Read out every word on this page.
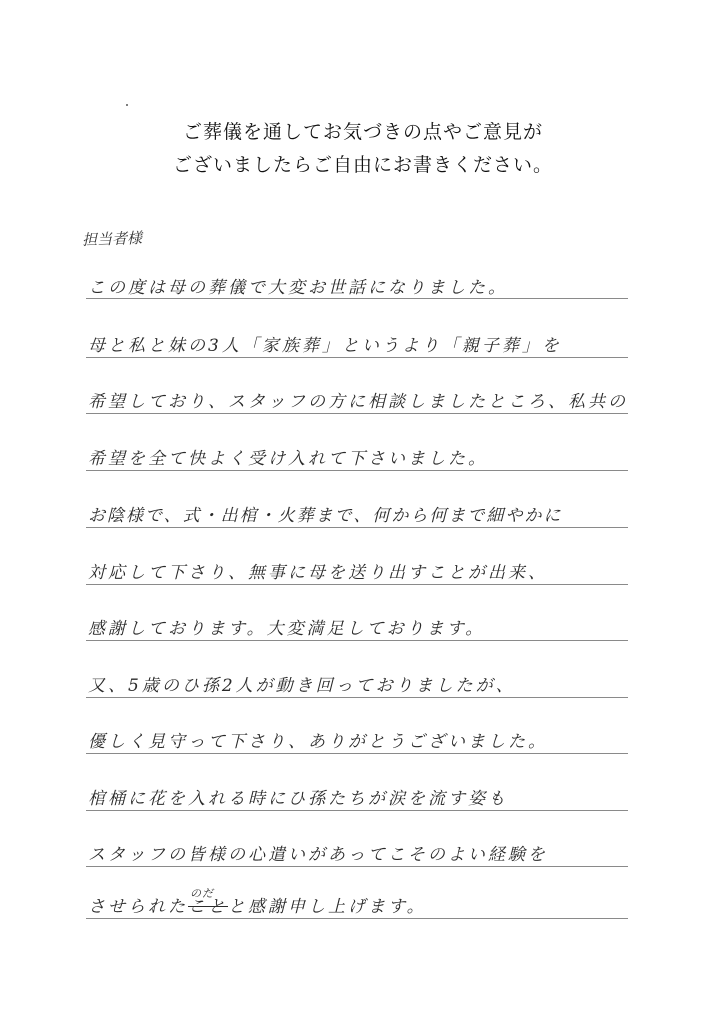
ご葬儀を通してお気づきの点やご意見が
ございましたらご自由にお書きください。
担当者様
この度は母の葬儀で大変お世話になりました。
母と私と妹の3人「家族葬」というより「親子葬」を
希望しており、スタッフの方に相談しましたところ、私共の
希望を全て快よく受け入れて下さいました。
お陰様で、式・出棺・火葬まで、何から何まで細やかに
対応して下さり、無事に母を送り出すことが出来、
感謝しております。大変満足しております。
又、5歳のひ孫2人が動き回っておりましたが、
優しく見守って下さり、ありがとうございました。
棺桶に花を入れる時にひ孫たちが涙を流す姿も
スタッフの皆様の心遣いがあってこそのよい経験を
させられたこと
のだ
と感謝申し上げます。
